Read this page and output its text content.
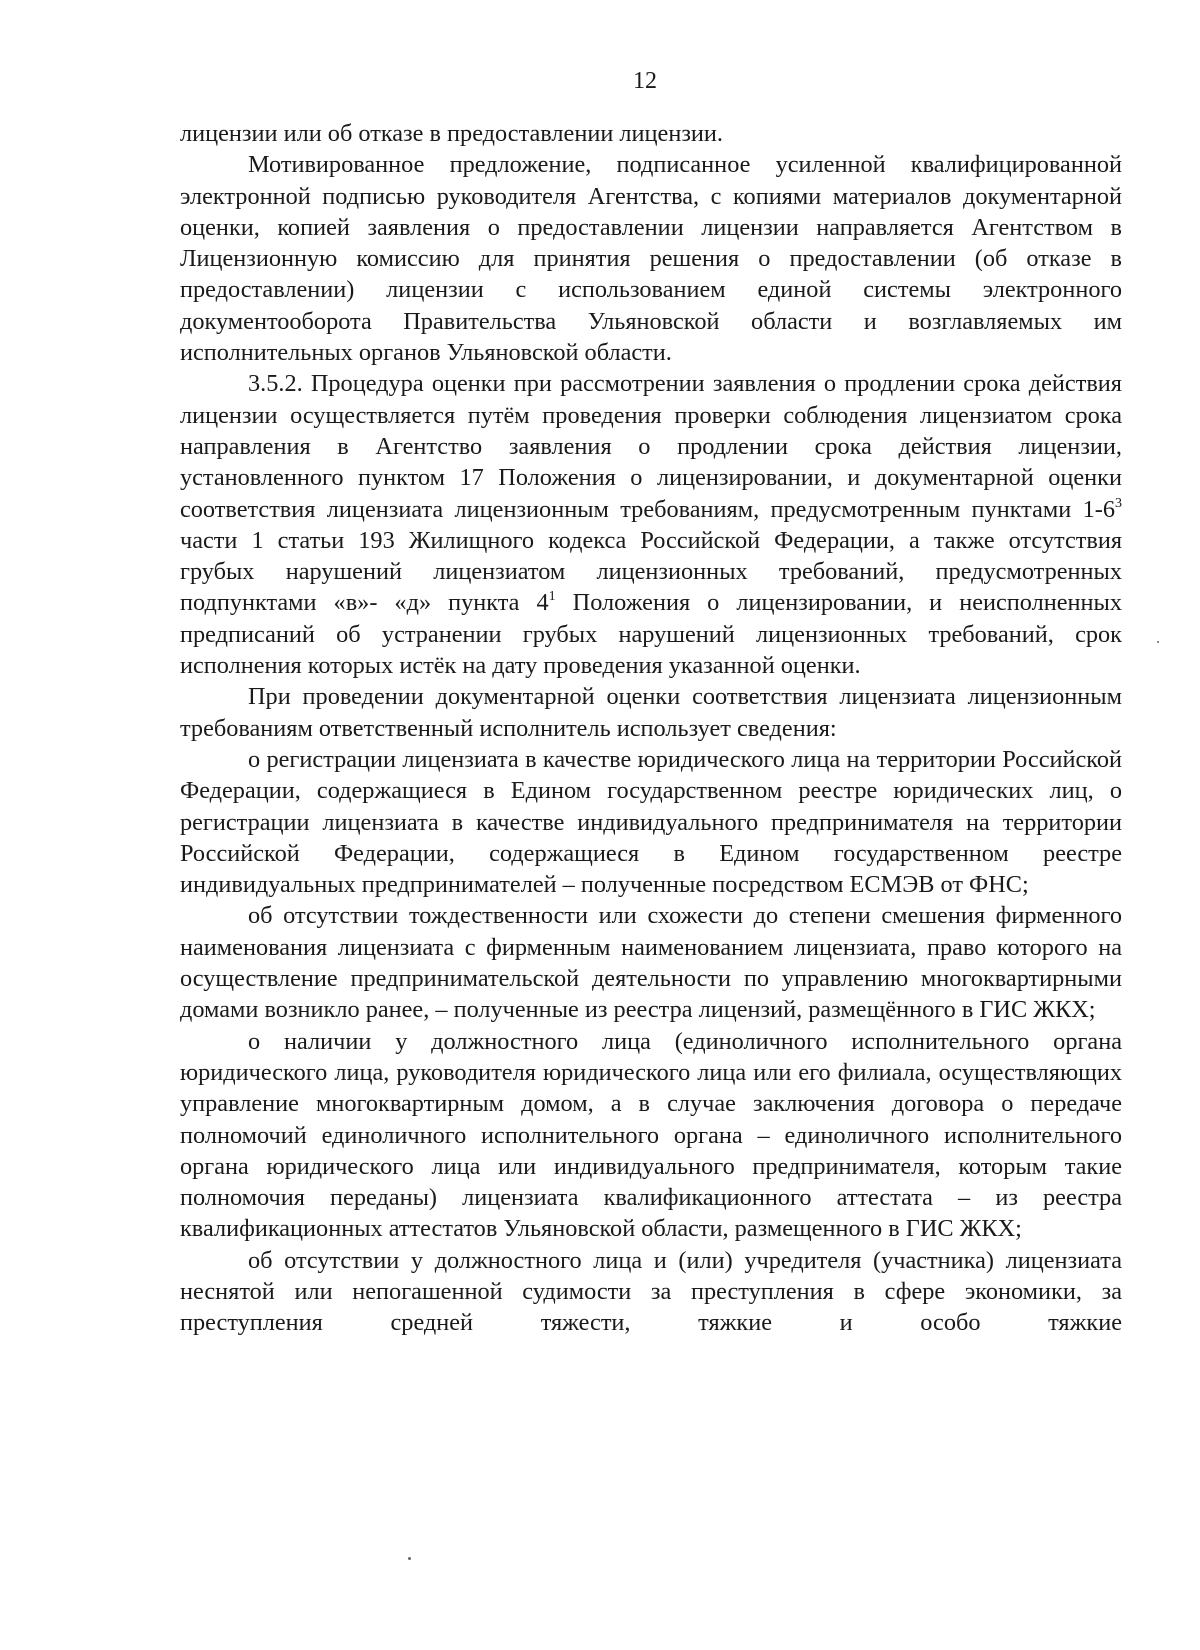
12

лицензии или об отказе в предоставлении лицензии.

Мотивированное предложение, подписанное усиленной квалифицированной электронной подписью руководителя Агентства, с копиями материалов документарной оценки, копией заявления о предоставлении лицензии направляется Агентством в Лицензионную комиссию для принятия решения о предоставлении (об отказе в предоставлении) лицензии с использованием единой системы электронного документооборота Правительства Ульяновской области и возглавляемых им исполнительных органов Ульяновской области.

3.5.2. Процедура оценки при рассмотрении заявления о продлении срока действия лицензии осуществляется путём проведения проверки соблюдения лицензиатом срока направления в Агентство заявления о продлении срока действия лицензии, установленного пунктом 17 Положения о лицензировании, и документарной оценки соответствия лицензиата лицензионным требованиям, предусмотренным пунктами $1-6^3$ части 1 статьи 193 Жилищного кодекса Российской Федерации, а также отсутствия грубых нарушений лицензиатом лицензионных требований, предусмотренных подпунктами «в»- «д» пункта $4^1$ Положения о лицензировании, и неисполненных предписаний об устранении грубых нарушений лицензионных требований, срок исполнения которых истёк на дату проведения указанной оценки.

При проведении документарной оценки соответствия лицензиата лицензионным требованиям ответственный исполнитель использует сведения:

о регистрации лицензиата в качестве юридического лица на территории Российской Федерации, содержащиеся в Едином государственном реестре юридических лиц, о регистрации лицензиата в качестве индивидуального предпринимателя на территории Российской Федерации, содержащиеся в Едином государственном реестре индивидуальных предпринимателей – полученные посредством ЕСМЭВ от ФНС;

об отсутствии тождественности или схожести до степени смешения фирменного наименования лицензиата с фирменным наименованием лицензиата, право которого на осуществление предпринимательской деятельности по управлению многоквартирными домами возникло ранее, – полученные из реестра лицензий, размещённого в ГИС ЖКХ;

о наличии у должностного лица (единоличного исполнительного органа юридического лица, руководителя юридического лица или его филиала, осуществляющих управление многоквартирным домом, а в случае заключения договора о передаче полномочий единоличного исполнительного органа – единоличного исполнительного органа юридического лица или индивидуального предпринимателя, которым такие полномочия переданы) лицензиата квалификационного аттестата – из реестра квалификационных аттестатов Ульяновской области, размещенного в ГИС ЖКХ;

об отсутствии у должностного лица и (или) учредителя (участника) лицензиата неснятой или непогашенной судимости за преступления в сфере экономики, за преступления средней тяжести, тяжкие и особо тяжкие
